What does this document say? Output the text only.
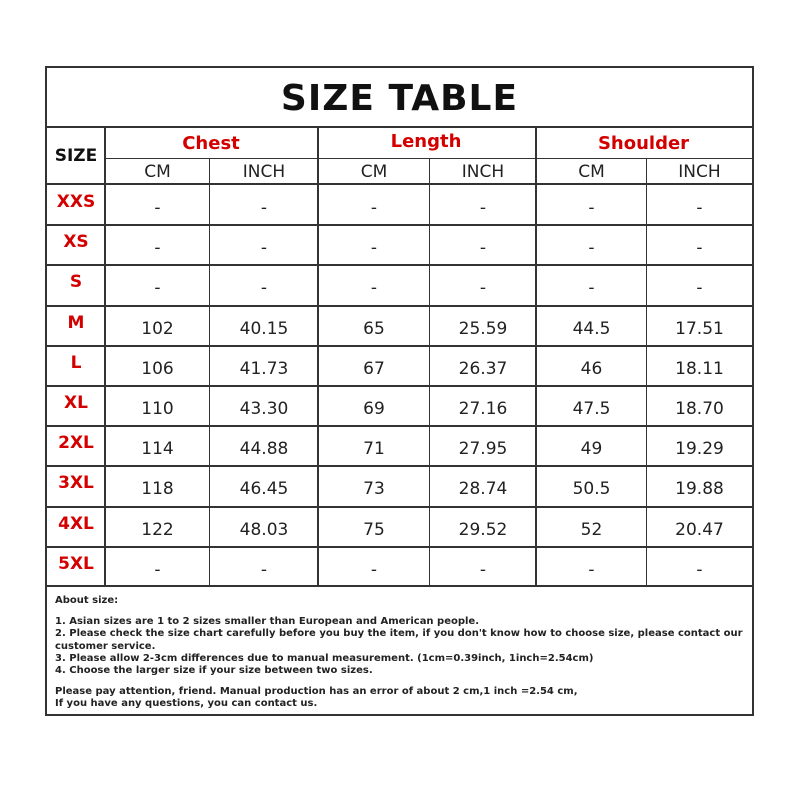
SIZE TABLE
SIZE
Chest	Length	Shoulder
CM	INCH	CM	INCH	CM	INCH
XXS	-	-	-	-	-	-
XS	-	-	-	-	-	-
S	-	-	-	-	-	-
M	102	40.15	65	25.59	44.5	17.51
L	106	41.73	67	26.37	46	18.11
XL	110	43.30	69	27.16	47.5	18.70
2XL	114	44.88	71	27.95	49	19.29
3XL	118	46.45	73	28.74	50.5	19.88
4XL	122	48.03	75	29.52	52	20.47
5XL	-	-	-	-	-	-
About size:
1. Asian sizes are 1 to 2 sizes smaller than European and American people.
2. Please check the size chart carefully before you buy the item, if you don't know how to choose size, please contact our customer service.
3. Please allow 2-3cm differences due to manual measurement. (1cm=0.39inch, 1inch=2.54cm)
4. Choose the larger size if your size between two sizes.
Please pay attention, friend. Manual production has an error of about 2 cm,1 inch =2.54 cm,
If you have any questions, you can contact us.
